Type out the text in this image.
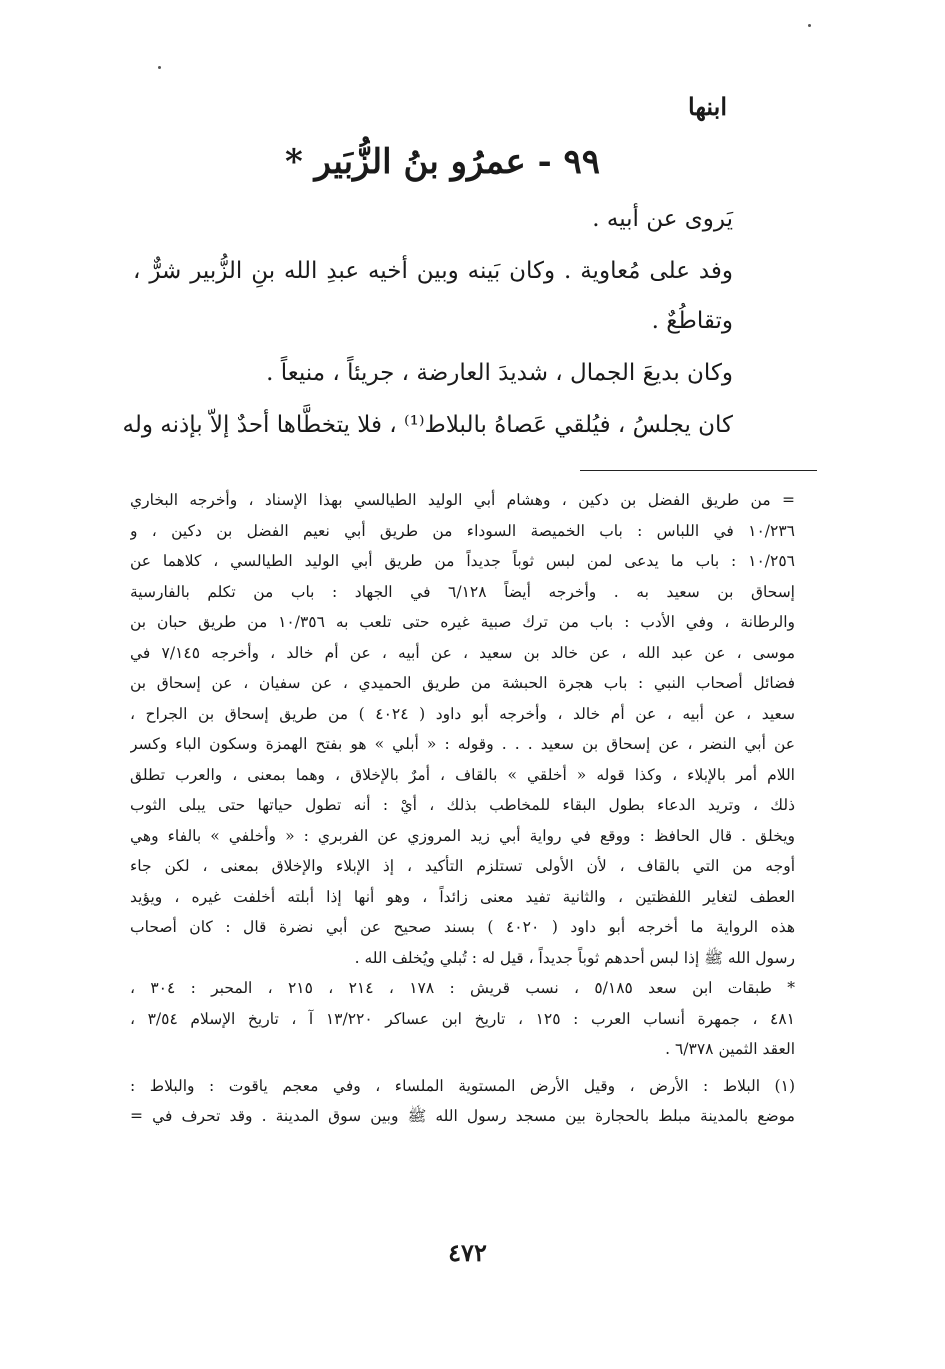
ابنها
٩٩ - عمرُو بنُ الزُّبَير *
يَروى عن أبيه .
وفد على مُعاوية . وكان بَينه وبين أخيه عبدِ الله بنِ الزُّبير شرٌّ ،
وتقاطُعٌ .
وكان بديعَ الجمال ، شديدَ العارضة ، جريئاً ، منيعاً .
كان يجلسُ ، فيُلقي عَصاهُ بالبلاط⁽¹⁾ ، فلا يتخطَّاها أحدٌ إلاّ بإذنه وله
= من طريق الفضل بن دكين ، وهشام أبي الوليد الطيالسي بهذا الإسناد ، وأخرجه البخاري
١٠/٢٣٦ في اللباس : باب الخميصة السوداء من طريق أبي نعيم الفضل بن دكين ، و
١٠/٢٥٦ : باب ما يدعى لمن لبس ثوباً جديداً من طريق أبي الوليد الطيالسي ، كلاهما عن
إسحاق بن سعيد به . وأخرجه أيضاً ٦/١٢٨ في الجهاد : باب من تكلم بالفارسية
والرطانة ، وفي الأدب : باب من ترك صبية غيره حتى تلعب به ١٠/٣٥٦ من طريق حبان بن
موسى ، عن عبد الله ، عن خالد بن سعيد ، عن أبيه ، عن أم خالد ، وأخرجه ٧/١٤٥ في
فضائل أصحاب النبي : باب هجرة الحبشة من طريق الحميدي ، عن سفيان ، عن إسحاق بن
سعيد ، عن أبيه ، عن أم خالد ، وأخرجه أبو داود ( ٤٠٢٤ ) من طريق إسحاق بن الجراح ،
عن أبي النضر ، عن إسحاق بن سعيد . . . وقوله : « أبلي » هو بفتح الهمزة وسكون الباء وكسر
اللام أمر بالإبلاء ، وكذا قوله « أخلقي » بالقاف ، أمرٌ بالإخلاق ، وهما بمعنى ، والعرب تطلق
ذلك ، وتريد الدعاء بطول البقاء للمخاطب بذلك ، أيْ : أنه تطول حياتها حتى يبلى الثوب
ويخلق . قال الحافظ : ووقع في رواية أبي زيد المروزي عن الفربري : « وأخلفي » بالفاء وهي
أوجه من التي بالقاف ، لأن الأولى تستلزم التأكيد ، إذ الإبلاء والإخلاق بمعنى ، لكن جاء
العطف لتغاير اللفظتين ، والثانية تفيد معنى زائداً ، وهو أنها إذا أبلته أخلفت غيره ، ويؤيد
هذه الرواية ما أخرجه أبو داود ( ٤٠٢٠ ) بسند صحيح عن أبي نضرة قال : كان أصحاب
رسول الله ﷺ إذا لبس أحدهم ثوباً جديداً ، قيل له : تُبلي ويُخلف الله .
* طبقات ابن سعد ٥/١٨٥ ، نسب قريش : ١٧٨ ، ٢١٤ ، ٢١٥ ، المحبر : ٣٠٤ ،
٤٨١ ، جمهرة أنساب العرب : ١٢٥ ، تاريخ ابن عساكر ١٣/٢٢٠ آ ، تاريخ الإسلام ٣/٥٤ ،
العقد الثمين ٦/٣٧٨ .
(١) البلاط : الأرض ، وقيل الأرض المستوية الملساء ، وفي معجم ياقوت : والبلاط :
موضع بالمدينة مبلط بالحجارة بين مسجد رسول الله ﷺ وبين سوق المدينة . وقد تحرف في =
٤٧٢
